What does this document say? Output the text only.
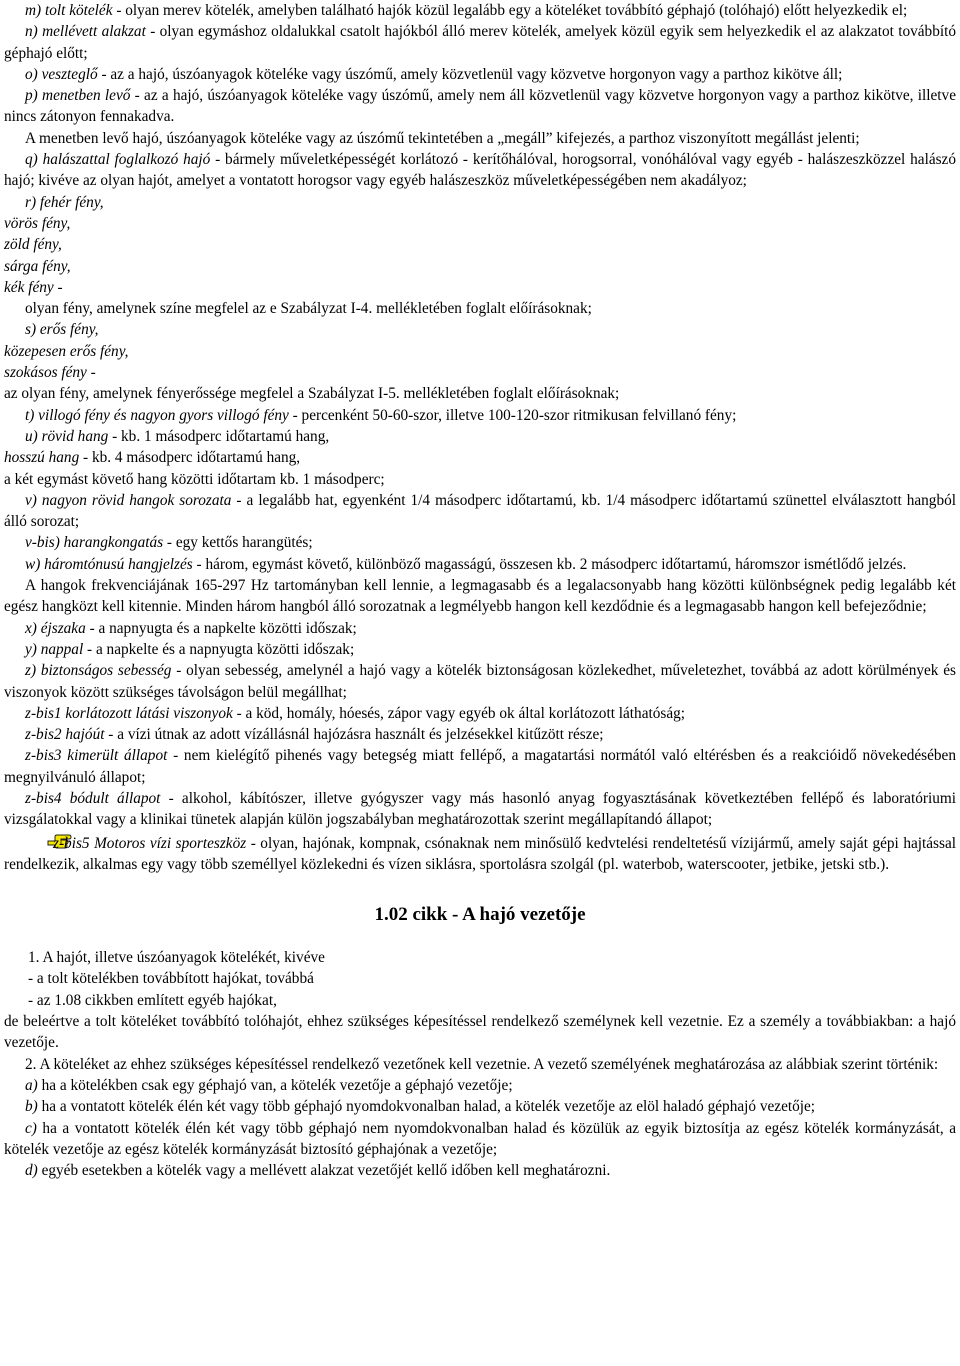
m) tolt kötelék - olyan merev kötelék, amelyben található hajók közül legalább egy a köteléket továbbító géphajó (tolóhajó) előtt helyezkedik el;

n) mellévett alakzat - olyan egymáshoz oldalukkal csatolt hajókból álló merev kötelék, amelyek közül egyik sem helyezkedik el az alakzatot továbbító géphajó előtt;

o) veszteglő - az a hajó, úszóanyagok köteléke vagy úszómű, amely közvetlenül vagy közvetve horgonyon vagy a parthoz kikötve áll;

p) menetben levő - az a hajó, úszóanyagok köteléke vagy úszómű, amely nem áll közvetlenül vagy közvetve horgonyon vagy a parthoz kikötve, illetve nincs zátonyon fennakadva.

A menetben levő hajó, úszóanyagok köteléke vagy az úszómű tekintetében a „megáll” kifejezés, a parthoz viszonyított megállást jelenti;

q) halászattal foglalkozó hajó - bármely műveletképességét korlátozó - kerítőhálóval, horogsorral, vonóhálóval vagy egyéb - halászeszközzel halászó hajó; kivéve az olyan hajót, amelyet a vontatott horogsor vagy egyéb halászeszköz műveletképességében nem akadályoz;

r) fehér fény,

vörös fény,

zöld fény,

sárga fény,

kék fény -

olyan fény, amelynek színe megfelel az e Szabályzat I-4. mellékletében foglalt előírásoknak;

s) erős fény,

közepesen erős fény,

szokásos fény -

az olyan fény, amelynek fényerőssége megfelel a Szabályzat I-5. mellékletében foglalt előírásoknak;

t) villogó fény és nagyon gyors villogó fény - percenként 50-60-szor, illetve 100-120-szor ritmikusan felvillanó fény;

u) rövid hang - kb. 1 másodperc időtartamú hang,

hosszú hang - kb. 4 másodperc időtartamú hang,

a két egymást követő hang közötti időtartam kb. 1 másodperc;

v) nagyon rövid hangok sorozata - a legalább hat, egyenként 1/4 másodperc időtartamú, kb. 1/4 másodperc időtartamú szünettel elválasztott hangból álló sorozat;

v-bis) harangkongatás - egy kettős harangütés;

w) háromtónusú hangjelzés - három, egymást követő, különböző magasságú, összesen kb. 2 másodperc időtartamú, háromszor ismétlődő jelzés.

A hangok frekvenciájának 165-297 Hz tartományban kell lennie, a legmagasabb és a legalacsonyabb hang közötti különbségnek pedig legalább két egész hangközt kell kitennie. Minden három hangból álló sorozatnak a legmélyebb hangon kell kezdődnie és a legmagasabb hangon kell befejeződnie;

x) éjszaka - a napnyugta és a napkelte közötti időszak;

y) nappal - a napkelte és a napnyugta közötti időszak;

z) biztonságos sebesség - olyan sebesség, amelynél a hajó vagy a kötelék biztonságosan közlekedhet, műveletezhet, továbbá az adott körülmények és viszonyok között szükséges távolságon belül megállhat;

z-bis1 korlátozott látási viszonyok - a köd, homály, hóesés, zápor vagy egyéb ok által korlátozott láthatóság;

z-bis2 hajóút - a vízi útnak az adott vízállásnál hajózásra használt és jelzésekkel kitűzött része;

z-bis3 kimerült állapot - nem kielégítő pihenés vagy betegség miatt fellépő, a magatartási normától való eltérésben és a reakcióidő növekedésében megnyilvánuló állapot;

z-bis4 bódult állapot - alkohol, kábítószer, illetve gyógyszer vagy más hasonló anyag fogyasztásának következtében fellépő és laboratóriumi vizsgálatokkal vagy a klinikai tünetek alapján külön jogszabályban meghatározottak szerint megállapítandó állapot;

z-bis5 Motoros vízi sporteszköz - olyan, hajónak, kompnak, csónaknak nem minősülő kedvtelési rendeltetésű vízijármű, amely saját gépi hajtással rendelkezik, alkalmas egy vagy több személlyel közlekedni és vízen siklásra, sportolásra szolgál (pl. waterbob, waterscooter, jetbike, jetski stb.).

1.02 cikk - A hajó vezetője

1. A hajót, illetve úszóanyagok kötelékét, kivéve

- a tolt kötelékben továbbított hajókat, továbbá

- az 1.08 cikkben említett egyéb hajókat,

de beleértve a tolt köteléket továbbító tolóhajót, ehhez szükséges képesítéssel rendelkező személynek kell vezetnie. Ez a személy a továbbiakban: a hajó vezetője.

2. A köteléket az ehhez szükséges képesítéssel rendelkező vezetőnek kell vezetnie. A vezető személyének meghatározása az alábbiak szerint történik:

a) ha a kötelékben csak egy géphajó van, a kötelék vezetője a géphajó vezetője;

b) ha a vontatott kötelék élén két vagy több géphajó nyomdokvonalban halad, a kötelék vezetője az elöl haladó géphajó vezetője;

c) ha a vontatott kötelék élén két vagy több géphajó nem nyomdokvonalban halad és közülük az egyik biztosítja az egész kötelék kormányzását, a kötelék vezetője az egész kötelék kormányzását biztosító géphajónak a vezetője;

d) egyéb esetekben a kötelék vagy a mellévett alakzat vezetőjét kellő időben kell meghatározni.
